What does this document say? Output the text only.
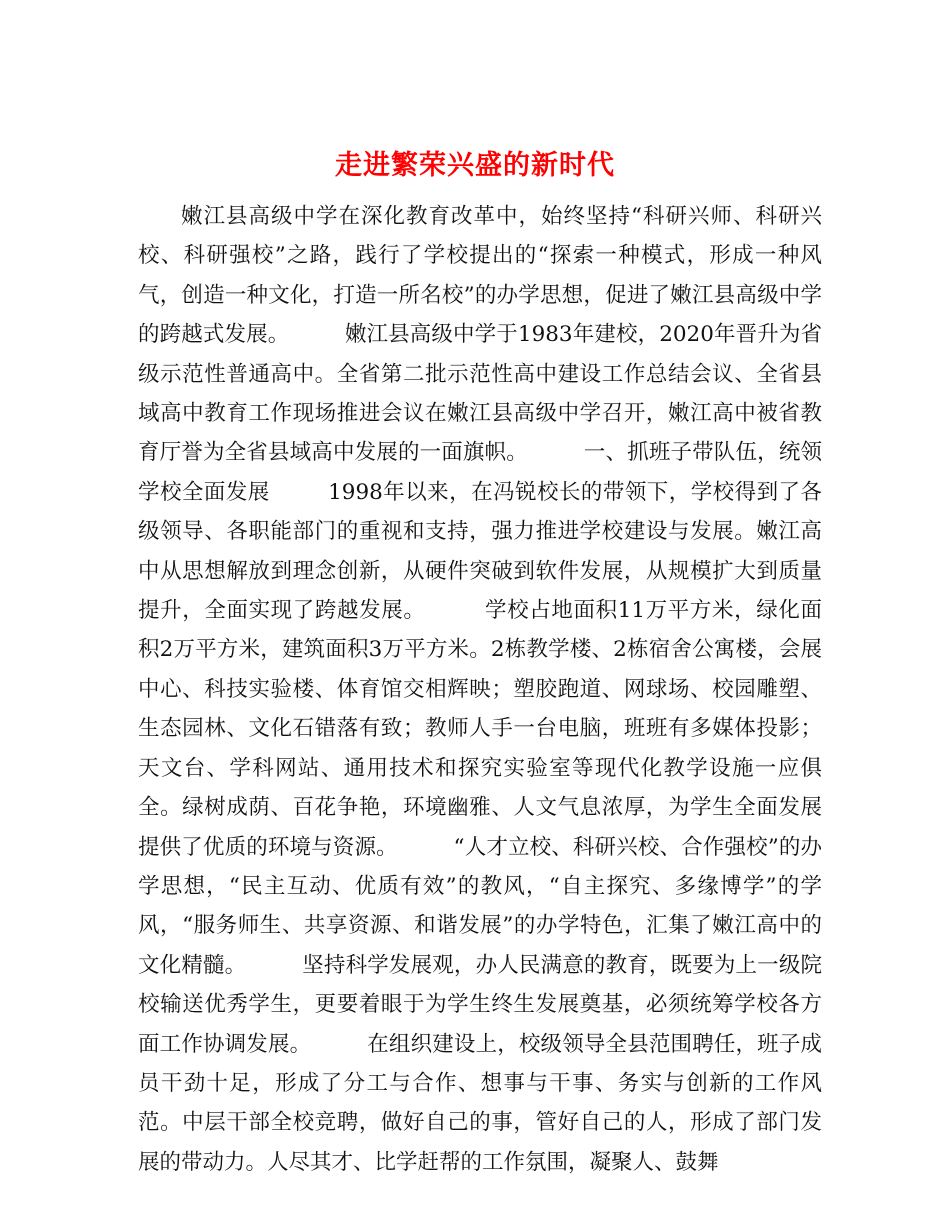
走进繁荣兴盛的新时代

嫩江县高级中学在深化教育改革中，始终坚持“科研兴师、科研兴校、科研强校”之路，践行了学校提出的“探索一种模式，形成一种风气，创造一种文化，打造一所名校”的办学思想，促进了嫩江县高级中学的跨越式发展。        嫩江县高级中学于1983年建校，2020年晋升为省级示范性普通高中。全省第二批示范性高中建设工作总结会议、全省县域高中教育工作现场推进会议在嫩江县高级中学召开，嫩江高中被省教育厅誉为全省县域高中发展的一面旗帜。        一、抓班子带队伍，统领学校全面发展        1998年以来，在冯锐校长的带领下，学校得到了各级领导、各职能部门的重视和支持，强力推进学校建设与发展。嫩江高中从思想解放到理念创新，从硬件突破到软件发展，从规模扩大到质量提升，全面实现了跨越发展。        学校占地面积11万平方米，绿化面积2万平方米，建筑面积3万平方米。2栋教学楼、2栋宿舍公寓楼，会展中心、科技实验楼、体育馆交相辉映；塑胶跑道、网球场、校园雕塑、生态园林、文化石错落有致；教师人手一台电脑，班班有多媒体投影；天文台、学科网站、通用技术和探究实验室等现代化教学设施一应俱全。绿树成荫、百花争艳，环境幽雅、人文气息浓厚，为学生全面发展提供了优质的环境与资源。        “人才立校、科研兴校、合作强校”的办学思想，“民主互动、优质有效”的教风，“自主探究、多缘博学”的学风，“服务师生、共享资源、和谐发展”的办学特色，汇集了嫩江高中的文化精髓。        坚持科学发展观，办人民满意的教育，既要为上一级院校输送优秀学生，更要着眼于为学生终生发展奠基，必须统筹学校各方面工作协调发展。        在组织建设上，校级领导全县范围聘任，班子成员干劲十足，形成了分工与合作、想事与干事、务实与创新的工作风范。中层干部全校竞聘，做好自己的事，管好自己的人，形成了部门发展的带动力。人尽其才、比学赶帮的工作氛围，凝聚人、鼓舞
